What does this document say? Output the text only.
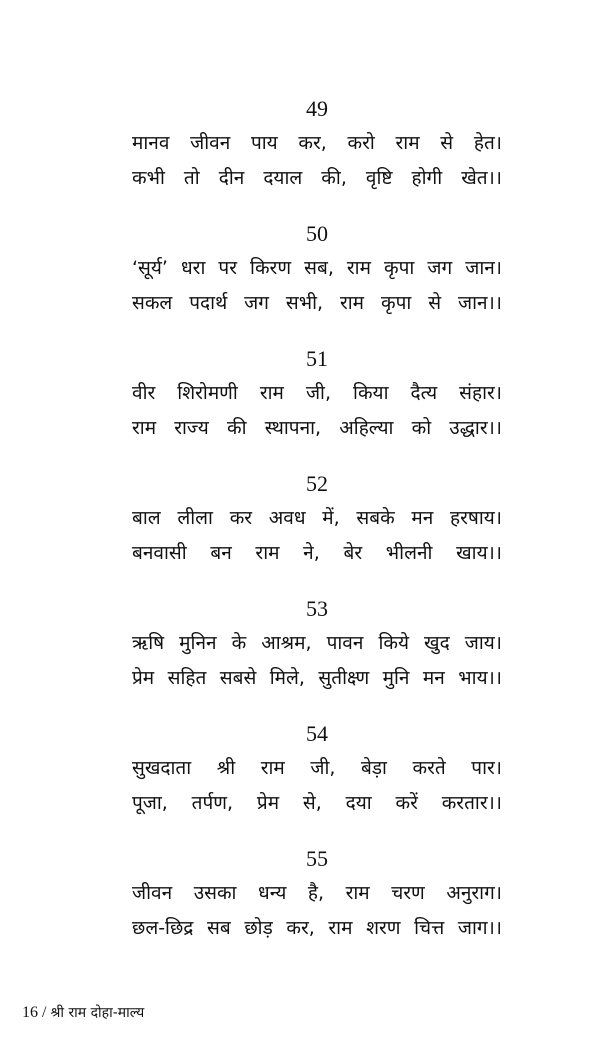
49
मानव जीवन पाय कर, करो राम से हेत।
कभी तो दीन दयाल की, वृष्टि होगी खेत।।
50
‘सूर्य’ धरा पर किरण सब, राम कृपा जग जान।
सकल पदार्थ जग सभी, राम कृपा से जान।।
51
वीर शिरोमणी राम जी, किया दैत्य संहार।
राम राज्य की स्थापना, अहिल्या को उद्धार।।
52
बाल लीला कर अवध में, सबके मन हरषाय।
बनवासी बन राम ने, बेर भीलनी खाय।।
53
ऋषि मुनिन के आश्रम, पावन किये खुद जाय।
प्रेम सहित सबसे मिले, सुतीक्ष्ण मुनि मन भाय।।
54
सुखदाता श्री राम जी, बेड़ा करते पार।
पूजा, तर्पण, प्रेम से, दया करें करतार।।
55
जीवन उसका धन्य है, राम चरण अनुराग।
छल-छिद्र सब छोड़ कर, राम शरण चित्त जाग।।
16 / श्री राम दोहा-माल्य
